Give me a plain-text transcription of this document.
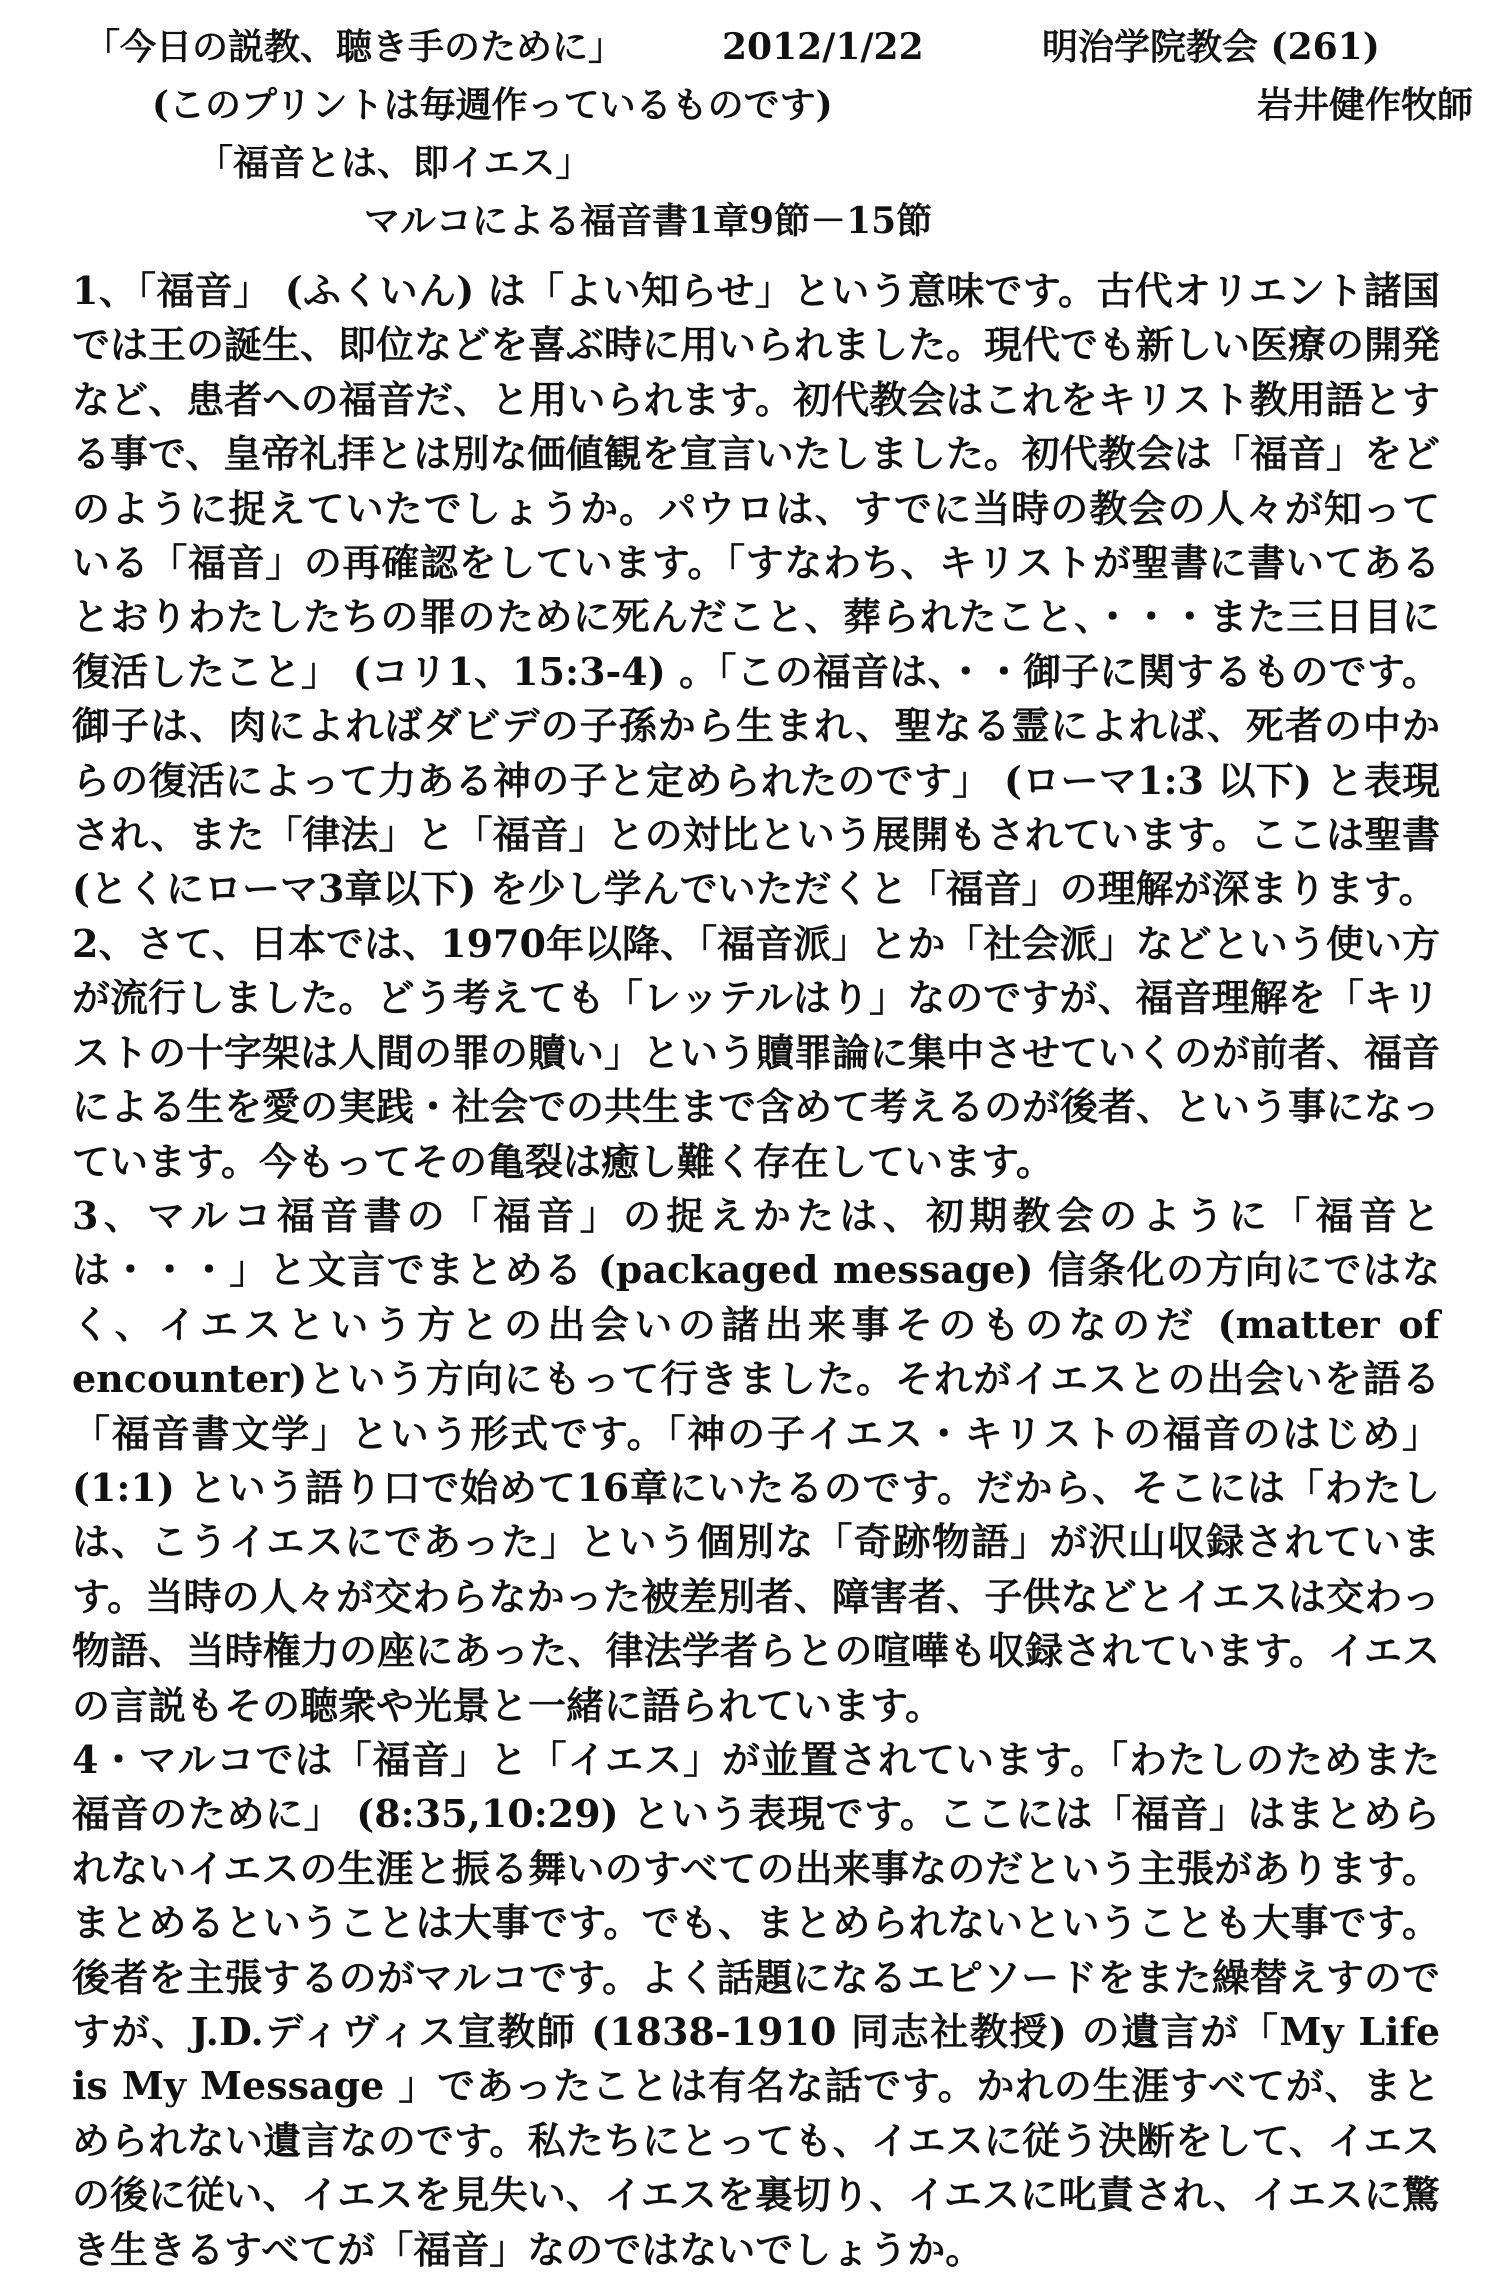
「今日の説教、聴き手のために」	2012/1/22	明治学院教会 (261)
(このプリントは毎週作っているものです)	岩井健作牧師
「福音とは、即イエス」
マルコによる福音書1章9節－15節

1、「福音」 (ふくいん) は「よい知らせ」という意味です。古代オリエント諸国では王の誕生、即位などを喜ぶ時に用いられました。現代でも新しい医療の開発など、患者への福音だ、と用いられます。初代教会はこれをキリスト教用語とする事で、皇帝礼拝とは別な価値観を宣言いたしました。初代教会は「福音」をどのように捉えていたでしょうか。パウロは、すでに当時の教会の人々が知っている「福音」の再確認をしています。「すなわち、キリストが聖書に書いてあるとおりわたしたちの罪のために死んだこと、葬られたこと、・・・また三日目に復活したこと」 (コリ1、15:3-4) 。「この福音は、・・御子に関するものです。御子は、肉によればダビデの子孫から生まれ、聖なる霊によれば、死者の中からの復活によって力ある神の子と定められたのです」 (ローマ1:3 以下) と表現され、また「律法」と「福音」との対比という展開もされています。ここは聖書 (とくにローマ3章以下) を少し学んでいただくと「福音」の理解が深まります。

2、さて、日本では、1970年以降、「福音派」とか「社会派」などという使い方が流行しました。どう考えても「レッテルはり」なのですが、福音理解を「キリストの十字架は人間の罪の贖い」という贖罪論に集中させていくのが前者、福音による生を愛の実践・社会での共生まで含めて考えるのが後者、という事になっています。今もってその亀裂は癒し難く存在しています。

3、マルコ福音書の「福音」の捉えかたは、初期教会のように「福音とは・・・」と文言でまとめる (packaged message) 信条化の方向にではなく、イエスという方との出会いの諸出来事そのものなのだ (matter of encounter)という方向にもって行きました。それがイエスとの出会いを語る「福音書文学」という形式です。「神の子イエス・キリストの福音のはじめ」(1:1) という語り口で始めて16章にいたるのです。だから、そこには「わたしは、こうイエスにであった」という個別な「奇跡物語」が沢山収録されています。当時の人々が交わらなかった被差別者、障害者、子供などとイエスは交わっ物語、当時権力の座にあった、律法学者らとの喧嘩も収録されています。イエスの言説もその聴衆や光景と一緒に語られています。

4・マルコでは「福音」と「イエス」が並置されています。「わたしのためまた福音のために」 (8:35,10:29) という表現です。ここには「福音」はまとめられないイエスの生涯と振る舞いのすべての出来事なのだという主張があります。まとめるということは大事です。でも、まとめられないということも大事です。後者を主張するのがマルコです。よく話題になるエピソードをまた繰替えすのですが、J.D.ディヴィス宣教師 (1838-1910 同志社教授) の遺言が「My Life is My Message 」であったことは有名な話です。かれの生涯すべてが、まとめられない遺言なのです。私たちにとっても、イエスに従う決断をして、イエスの後に従い、イエスを見失い、イエスを裏切り、イエスに叱責され、イエスに驚き生きるすべてが「福音」なのではないでしょうか。
